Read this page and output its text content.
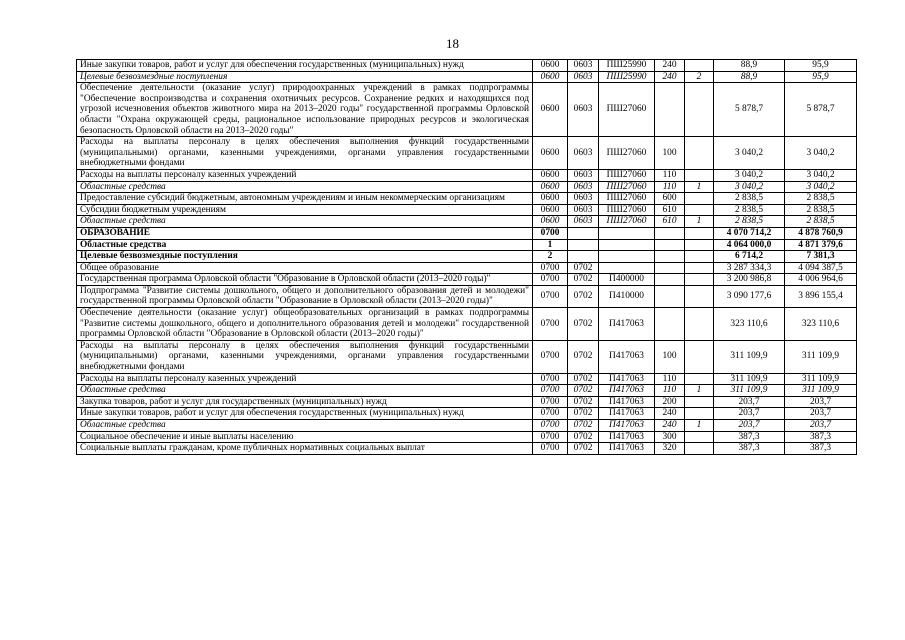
18
Иные закупки товаров, работ и услуг для обеспечения государственных (муниципальных) нужд	0600	0603	ПШ25990	240		88,9	95,9
Целевые безвозмездные поступления	0600	0603	ПШ25990	240	2	88,9	95,9
Обеспечение деятельности (оказание услуг) природоохранных учреждений в рамках подпрограммы "Обеспечение воспроизводства и сохранения охотничьих ресурсов. Сохранение редких и находящихся под угрозой исчезновения объектов животного мира на 2013–2020 годы" государственной программы Орловской области "Охрана окружающей среды, рациональное использование природных ресурсов и экологическая безопасность Орловской области на 2013–2020 годы"	0600	0603	ПШ27060			5 878,7	5 878,7
Расходы на выплаты персоналу в целях обеспечения выполнения функций государственными (муниципальными) органами, казенными учреждениями, органами управления государственными внебюджетными фондами	0600	0603	ПШ27060	100		3 040,2	3 040,2
Расходы на выплаты персоналу казенных учреждений	0600	0603	ПШ27060	110		3 040,2	3 040,2
Областные средства	0600	0603	ПШ27060	110	1	3 040,2	3 040,2
Предоставление субсидий бюджетным, автономным учреждениям и иным некоммерческим организациям	0600	0603	ПШ27060	600		2 838,5	2 838,5
Субсидии бюджетным учреждениям	0600	0603	ПШ27060	610		2 838,5	2 838,5
Областные средства	0600	0603	ПШ27060	610	1	2 838,5	2 838,5
ОБРАЗОВАНИЕ	0700					4 070 714,2	4 878 760,9
Областные средства	1					4 064 000,0	4 871 379,6
Целевые безвозмездные поступления	2					6 714,2	7 381,3
Общее образование	0700	0702				3 287 334,3	4 094 387,5
Государственная программа Орловской области "Образование в Орловской области (2013–2020 годы)"	0700	0702	П400000			3 200 986,8	4 006 964,6
Подпрограмма "Развитие системы дошкольного, общего и дополнительного образования детей и молодежи" государственной программы Орловской области "Образование в Орловской области (2013–2020 годы)"	0700	0702	П410000			3 090 177,6	3 896 155,4
Обеспечение деятельности (оказание услуг) общеобразовательных организаций в рамках подпрограммы "Развитие системы дошкольного, общего и дополнительного образования детей и молодежи" государственной программы Орловской области "Образование в Орловской области (2013–2020 годы)"	0700	0702	П417063			323 110,6	323 110,6
Расходы на выплаты персоналу в целях обеспечения выполнения функций государственными (муниципальными) органами, казенными учреждениями, органами управления государственными внебюджетными фондами	0700	0702	П417063	100		311 109,9	311 109,9
Расходы на выплаты персоналу казенных учреждений	0700	0702	П417063	110		311 109,9	311 109,9
Областные средства	0700	0702	П417063	110	1	311 109,9	311 109,9
Закупка товаров, работ и услуг для государственных (муниципальных) нужд	0700	0702	П417063	200		203,7	203,7
Иные закупки товаров, работ и услуг для обеспечения государственных (муниципальных) нужд	0700	0702	П417063	240		203,7	203,7
Областные средства	0700	0702	П417063	240	1	203,7	203,7
Социальное обеспечение и иные выплаты населению	0700	0702	П417063	300		387,3	387,3
Социальные выплаты гражданам, кроме публичных нормативных социальных выплат	0700	0702	П417063	320		387,3	387,3
